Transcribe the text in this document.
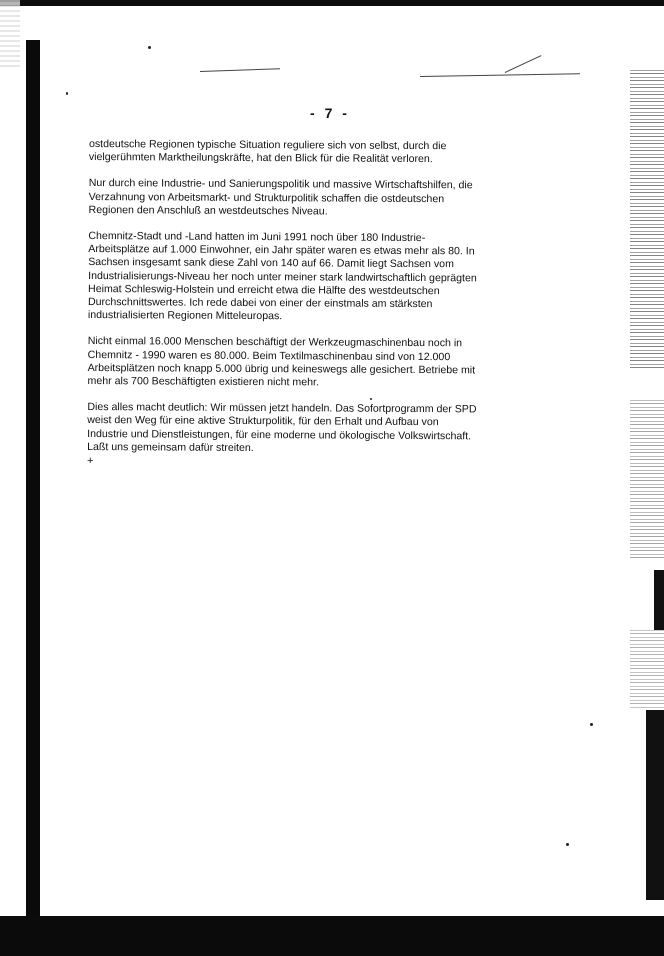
- 7 -
ostdeutsche Regionen typische Situation reguliere sich von selbst, durch die
vielgerühmten Marktheilungskräfte, hat den Blick für die Realität verloren.
Nur durch eine Industrie- und Sanierungspolitik und massive Wirtschaftshilfen, die
Verzahnung von Arbeitsmarkt- und Strukturpolitik schaffen die ostdeutschen
Regionen den Anschluß an westdeutsches Niveau.
Chemnitz-Stadt und -Land hatten im Juni 1991 noch über 180 Industrie-
Arbeitsplätze auf 1.000 Einwohner, ein Jahr später waren es etwas mehr als 80. In
Sachsen insgesamt sank diese Zahl von 140 auf 66. Damit liegt Sachsen vom
Industrialisierungs-Niveau her noch unter meiner stark landwirtschaftlich geprägten
Heimat Schleswig-Holstein und erreicht etwa die Hälfte des westdeutschen
Durchschnittswertes. Ich rede dabei von einer der einstmals am stärksten
industrialisierten Regionen Mitteleuropas.
Nicht einmal 16.000 Menschen beschäftigt der Werkzeugmaschinenbau noch in
Chemnitz - 1990 waren es 80.000. Beim Textilmaschinenbau sind von 12.000
Arbeitsplätzen noch knapp 5.000 übrig und keineswegs alle gesichert. Betriebe mit
mehr als 700 Beschäftigten existieren nicht mehr.
Dies alles macht deutlich: Wir müssen jetzt handeln. Das Sofortprogramm der SPD
weist den Weg für eine aktive Strukturpolitik, für den Erhalt und Aufbau von
Industrie und Dienstleistungen, für eine moderne und ökologische Volkswirtschaft.
Laßt uns gemeinsam dafür streiten.
+
